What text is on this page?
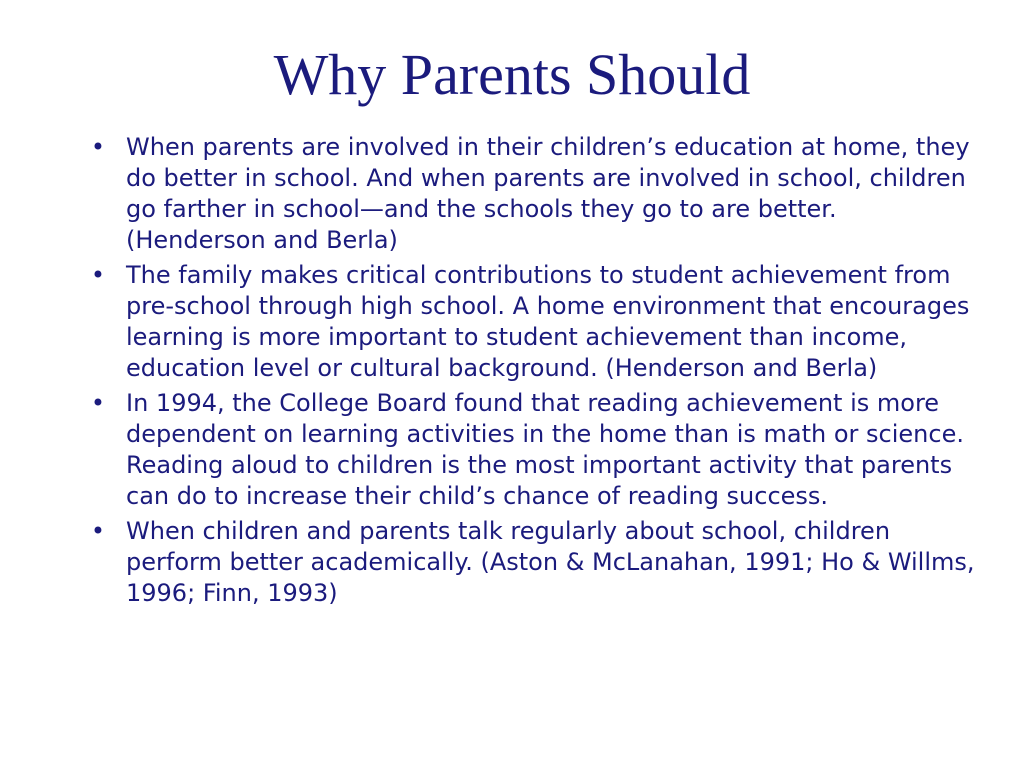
Why Parents Should
• When parents are involved in their children’s education at home, they do better in school. And when parents are involved in school, children go farther in school—and the schools they go to are better. (Henderson and Berla)
• The family makes critical contributions to student achievement from pre-school through high school. A home environment that encourages learning is more important to student achievement than income, education level or cultural background. (Henderson and Berla)
• In 1994, the College Board found that reading achievement is more dependent on learning activities in the home than is math or science. Reading aloud to children is the most important activity that parents can do to increase their child’s chance of reading success.
• When children and parents talk regularly about school, children perform better academically. (Aston & McLanahan, 1991; Ho & Willms, 1996; Finn, 1993)
